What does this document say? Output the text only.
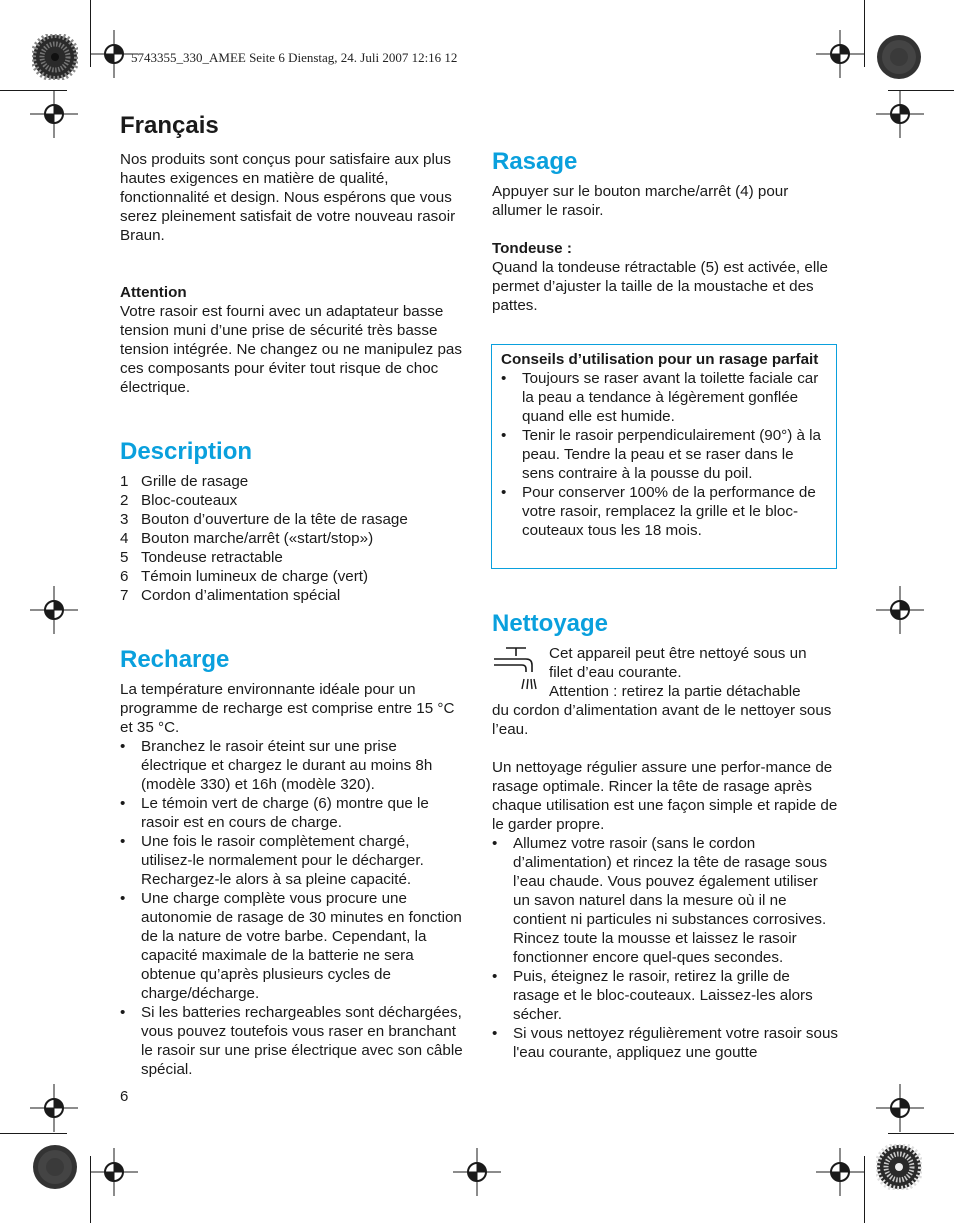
5743355_330_AMEE Seite 6 Dienstag, 24. Juli 2007 12:16 12
Français
Nos produits sont conçus pour satisfaire aux plus hautes exigences en matière de qualité, fonctionnalité et design. Nous espérons que vous serez pleinement satisfait de votre nouveau rasoir Braun.

Attention

Votre rasoir est fourni avec un adaptateur basse tension muni d’une prise de sécurité très basse tension intégrée. Ne changez ou ne manipulez pas ces composants pour éviter tout risque de choc électrique.

Description
1 Grille de rasage
2 Bloc-couteaux
3 Bouton d’ouverture de la tête de rasage
4 Bouton marche/arrêt («start/stop»)
5 Tondeuse retractable
6 Témoin lumineux de charge (vert)
7 Cordon d’alimentation spécial
Recharge

La température environnante idéale pour un programme de recharge est comprise entre 15 °C et 35 °C.

• Branchez le rasoir éteint sur une prise électrique et chargez le durant au moins 8h (modèle 330) et 16h (modèle 320).
• Le témoin vert de charge (6) montre que le rasoir est en cours de charge.
• Une fois le rasoir complètement chargé, utilisez-le normalement pour le décharger. Rechargez-le alors à sa pleine capacité.
• Une charge complète vous procure une autonomie de rasage de 30 minutes en fonction de la nature de votre barbe. Cependant, la capacité maximale de la batterie ne sera obtenue qu’après plusieurs cycles de charge/décharge.
• Si les batteries rechargeables sont déchargées, vous pouvez toutefois vous raser en branchant le rasoir sur une prise électrique avec son câble spécial.
6
Rasage
Appuyer sur le bouton marche/arrêt (4) pour allumer le rasoir.

Tondeuse :

Quand la tondeuse rétractable (5) est activée, elle permet d’ajuster la taille de la moustache et des pattes.

Conseils d’utilisation pour un rasage parfait

• Toujours se raser avant la toilette faciale car la peau a tendance à légèrement gonflée quand elle est humide.
• Tenir le rasoir perpendiculairement (90°) à la peau. Tendre la peau et se raser dans le sens contraire à la pousse du poil.
• Pour conserver 100% de la performance de votre rasoir, remplacez la grille et le bloc-couteaux tous les 18 mois.
Nettoyage

Cet appareil peut être nettoyé sous un

filet d’eau courante.

Attention : retirez la partie détachable

du cordon d’alimentation avant de le nettoyer sous l’eau.

Un nettoyage régulier assure une perfor-mance de rasage optimale. Rincer la tête de rasage après chaque utilisation est une façon simple et rapide de le garder propre.

• Allumez votre rasoir (sans le cordon d’alimentation) et rincez la tête de rasage sous l’eau chaude. Vous pouvez également utiliser un savon naturel dans la mesure où il ne contient ni particules ni substances corrosives. Rincez toute la mousse et laissez le rasoir fonctionner encore quel-ques secondes.
• Puis, éteignez le rasoir, retirez la grille de rasage et le bloc-couteaux. Laissez-les alors sécher.
• Si vous nettoyez régulièrement votre rasoir sous l'eau courante, appliquez une goutte
